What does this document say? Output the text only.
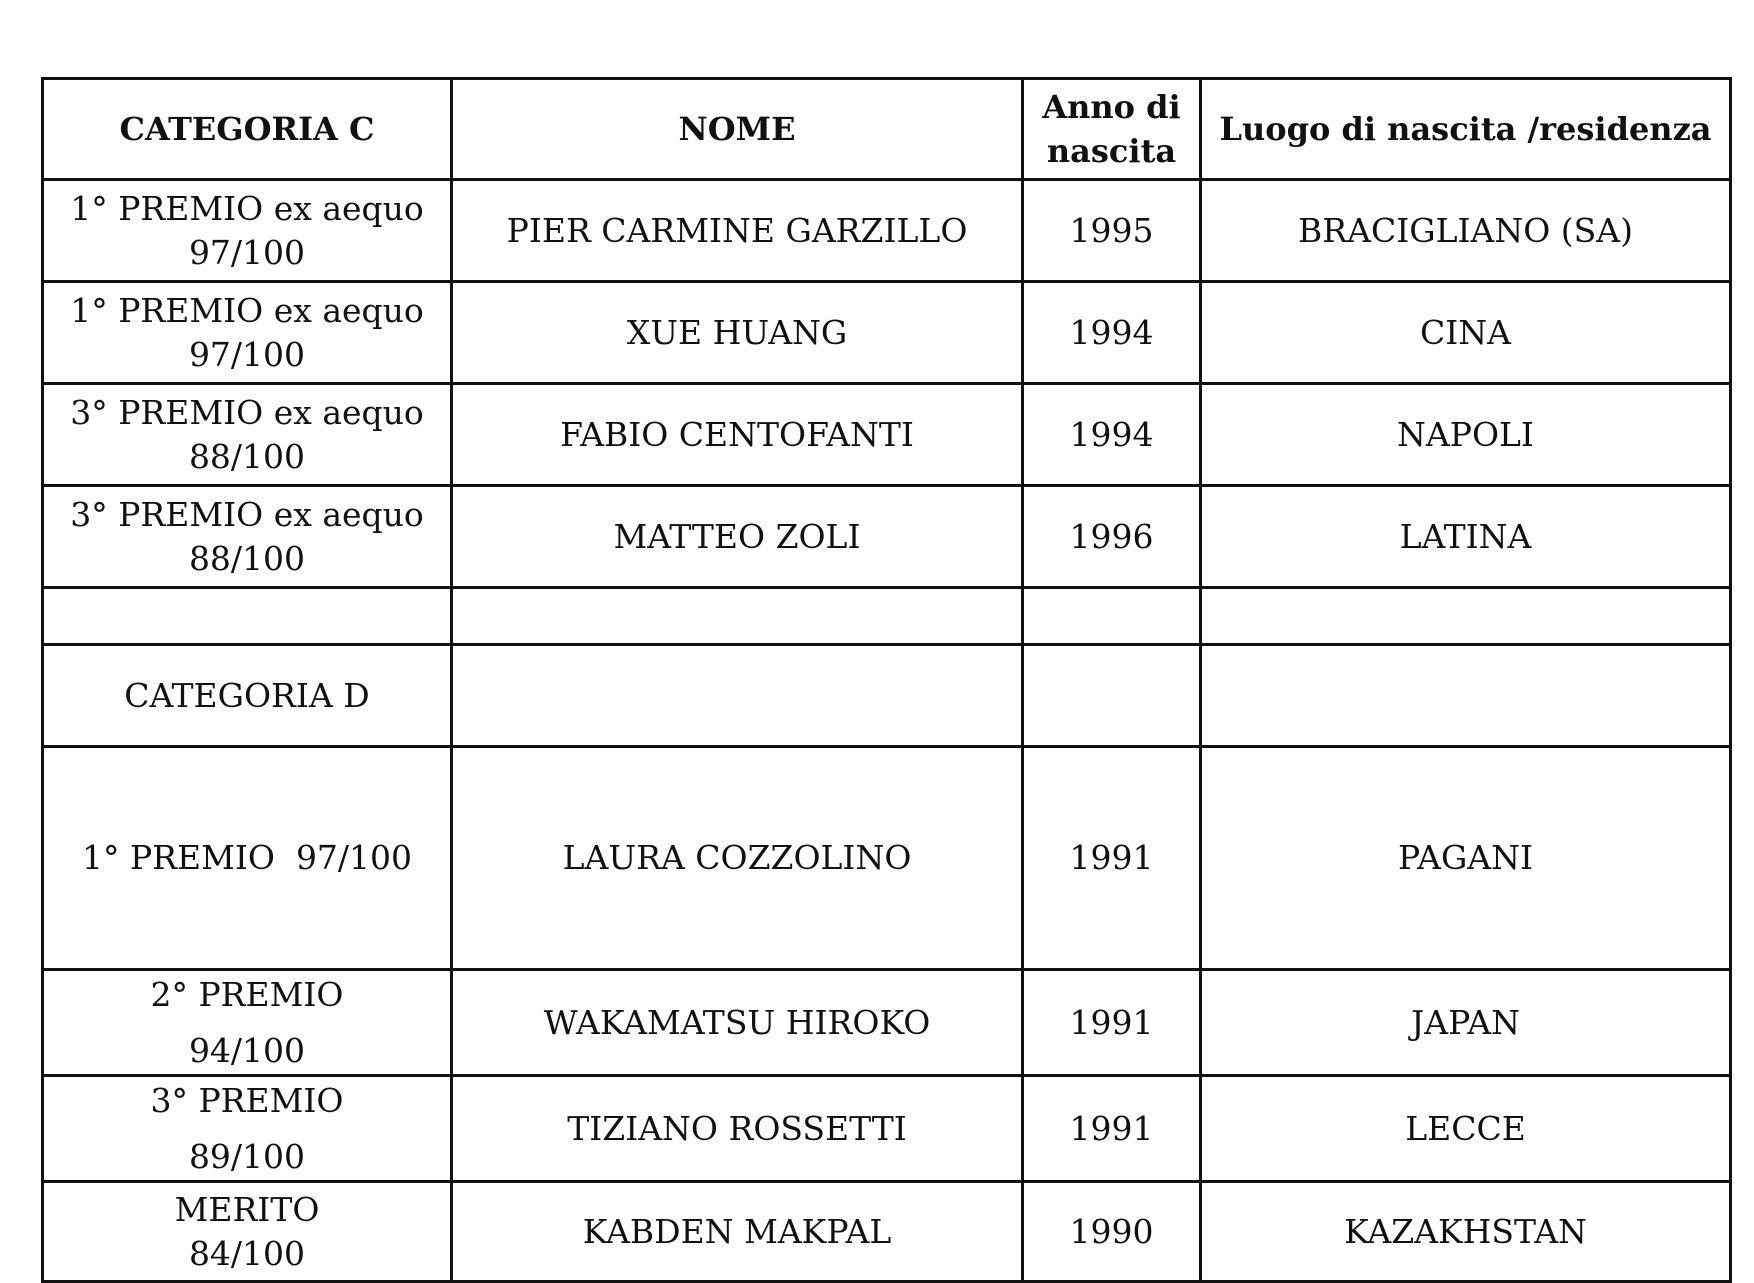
CATEGORIA C	NOME	Anno di
nascita	Luogo di nascita /residenza

1° PREMIO ex aequo
97/100	PIER CARMINE GARZILLO	1995	BRACIGLIANO (SA)

1° PREMIO ex aequo
97/100	XUE HUANG	1994	CINA

3° PREMIO ex aequo
88/100	FABIO CENTOFANTI	1994	NAPOLI

3° PREMIO ex aequo
88/100	MATTEO ZOLI	1996	LATINA

CATEGORIA D			

1° PREMIO  97/100	LAURA COZZOLINO	1991	PAGANI

2° PREMIO
94/100	WAKAMATSU HIROKO	1991	JAPAN

3° PREMIO
89/100	TIZIANO ROSSETTI	1991	LECCE

MERITO
84/100	KABDEN MAKPAL	1990	KAZAKHSTAN
